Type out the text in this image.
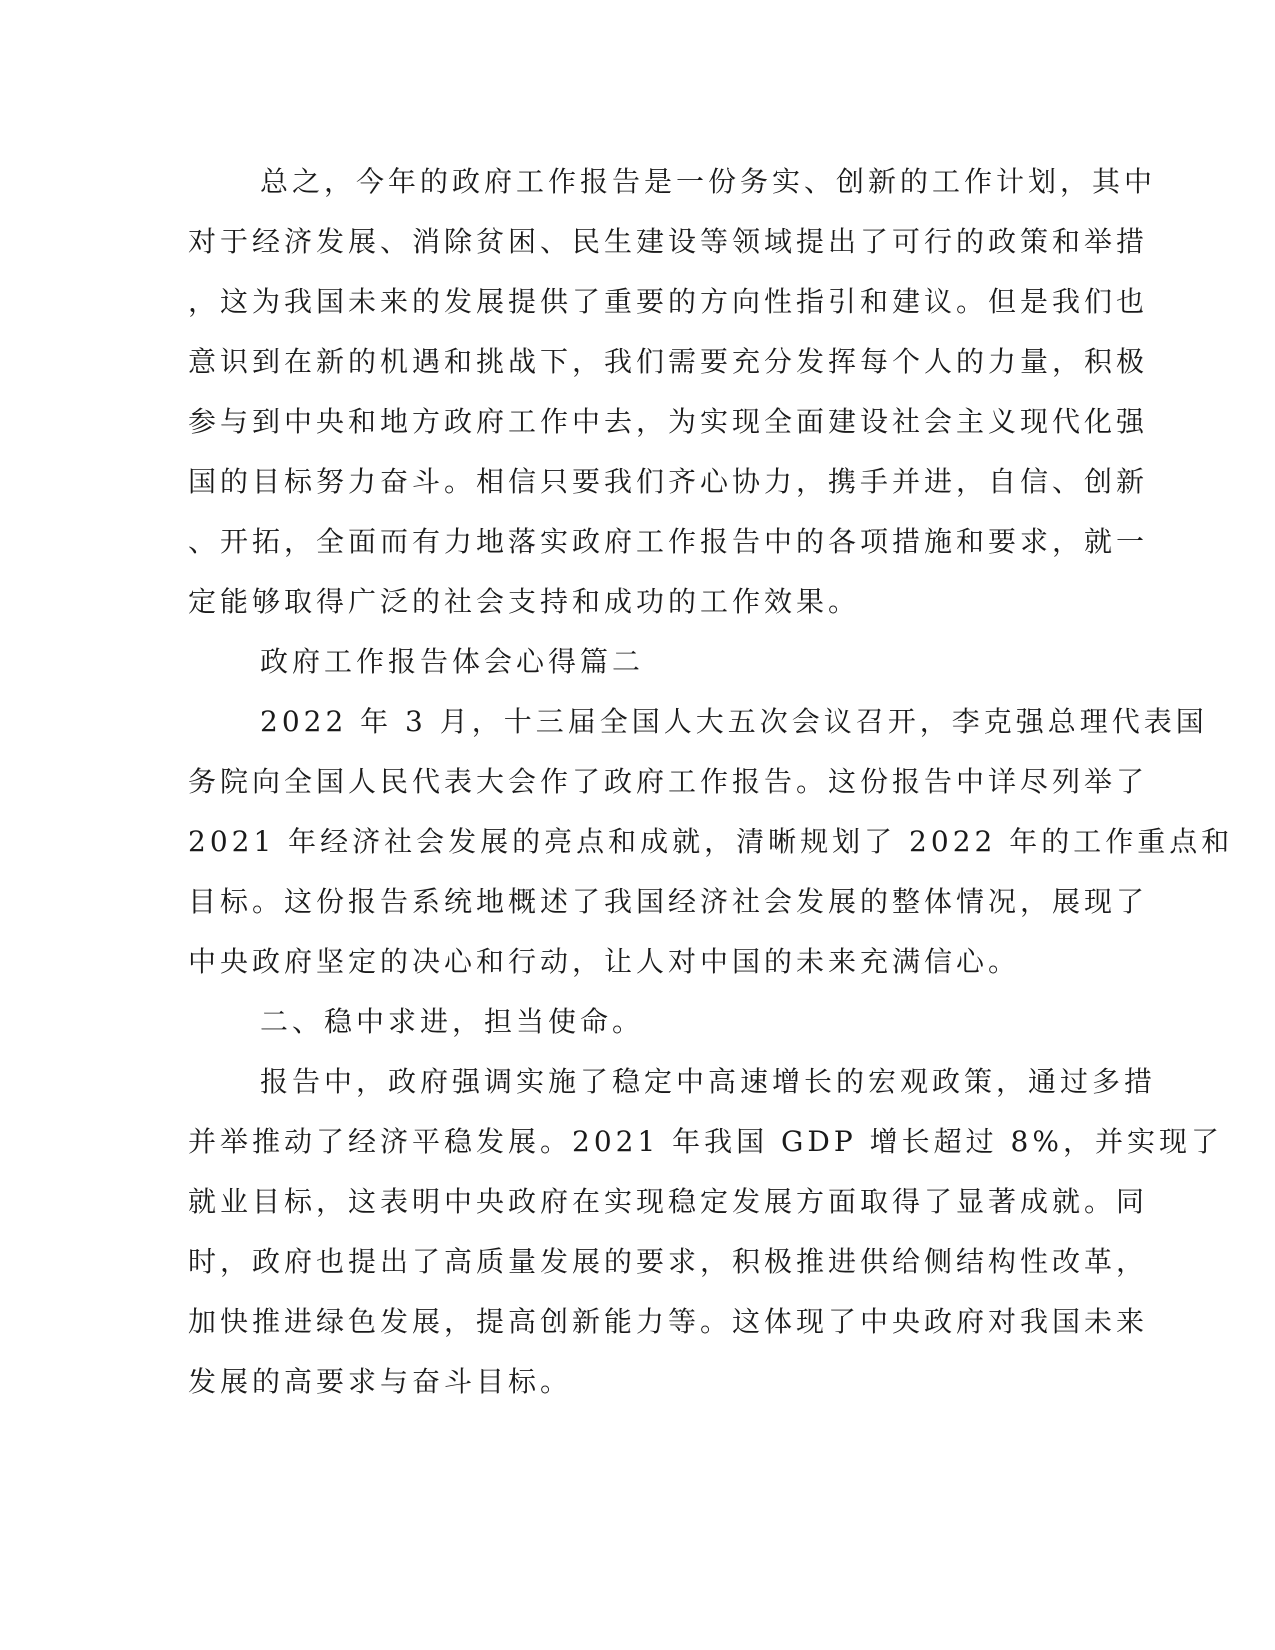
总之，今年的政府工作报告是一份务实、创新的工作计划，其中
对于经济发展、消除贫困、民生建设等领域提出了可行的政策和举措
，这为我国未来的发展提供了重要的方向性指引和建议。但是我们也
意识到在新的机遇和挑战下，我们需要充分发挥每个人的力量，积极
参与到中央和地方政府工作中去，为实现全面建设社会主义现代化强
国的目标努力奋斗。相信只要我们齐心协力，携手并进，自信、创新
、开拓，全面而有力地落实政府工作报告中的各项措施和要求，就一
定能够取得广泛的社会支持和成功的工作效果。
政府工作报告体会心得篇二
2022 年 3 月，十三届全国人大五次会议召开，李克强总理代表国
务院向全国人民代表大会作了政府工作报告。这份报告中详尽列举了
2021 年经济社会发展的亮点和成就，清晰规划了 2022 年的工作重点和
目标。这份报告系统地概述了我国经济社会发展的整体情况，展现了
中央政府坚定的决心和行动，让人对中国的未来充满信心。
二、稳中求进，担当使命。
报告中，政府强调实施了稳定中高速增长的宏观政策，通过多措
并举推动了经济平稳发展。2021 年我国 GDP 增长超过 8%，并实现了
就业目标，这表明中央政府在实现稳定发展方面取得了显著成就。同
时，政府也提出了高质量发展的要求，积极推进供给侧结构性改革，
加快推进绿色发展，提高创新能力等。这体现了中央政府对我国未来
发展的高要求与奋斗目标。
